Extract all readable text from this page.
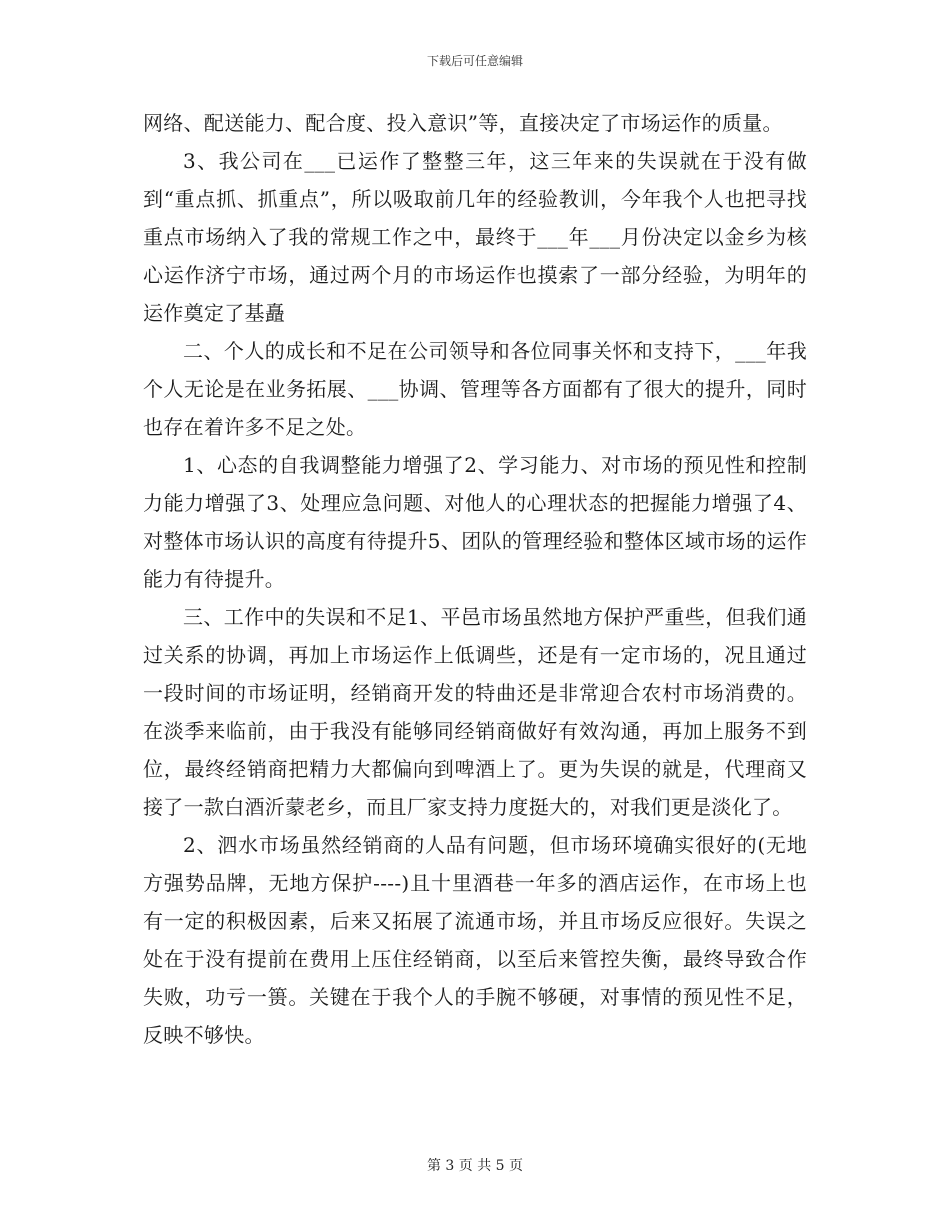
下载后可任意编辑

网络、配送能力、配合度、投入意识”等，直接决定了市场运作的质量。

3、我公司在___已运作了整整三年，这三年来的失误就在于没有做到“重点抓、抓重点”，所以吸取前几年的经验教训，今年我个人也把寻找重点市场纳入了我的常规工作之中，最终于___年___月份决定以金乡为核心运作济宁市场，通过两个月的市场运作也摸索了一部分经验，为明年的运作奠定了基矗

二、个人的成长和不足在公司领导和各位同事关怀和支持下，___年我个人无论是在业务拓展、___协调、管理等各方面都有了很大的提升，同时也存在着许多不足之处。

1、心态的自我调整能力增强了2、学习能力、对市场的预见性和控制力能力增强了3、处理应急问题、对他人的心理状态的把握能力增强了4、对整体市场认识的高度有待提升5、团队的管理经验和整体区域市场的运作能力有待提升。

三、工作中的失误和不足1、平邑市场虽然地方保护严重些，但我们通过关系的协调，再加上市场运作上低调些，还是有一定市场的，况且通过一段时间的市场证明，经销商开发的特曲还是非常迎合农村市场消费的。在淡季来临前，由于我没有能够同经销商做好有效沟通，再加上服务不到位，最终经销商把精力大都偏向到啤酒上了。更为失误的就是，代理商又接了一款白酒沂蒙老乡，而且厂家支持力度挺大的，对我们更是淡化了。

2、泗水市场虽然经销商的人品有问题，但市场环境确实很好的(无地方强势品牌，无地方保护----)且十里酒巷一年多的酒店运作，在市场上也有一定的积极因素，后来又拓展了流通市场，并且市场反应很好。失误之处在于没有提前在费用上压住经销商，以至后来管控失衡，最终导致合作失败，功亏一篑。关键在于我个人的手腕不够硬，对事情的预见性不足，反映不够快。

第 3 页 共 5 页
